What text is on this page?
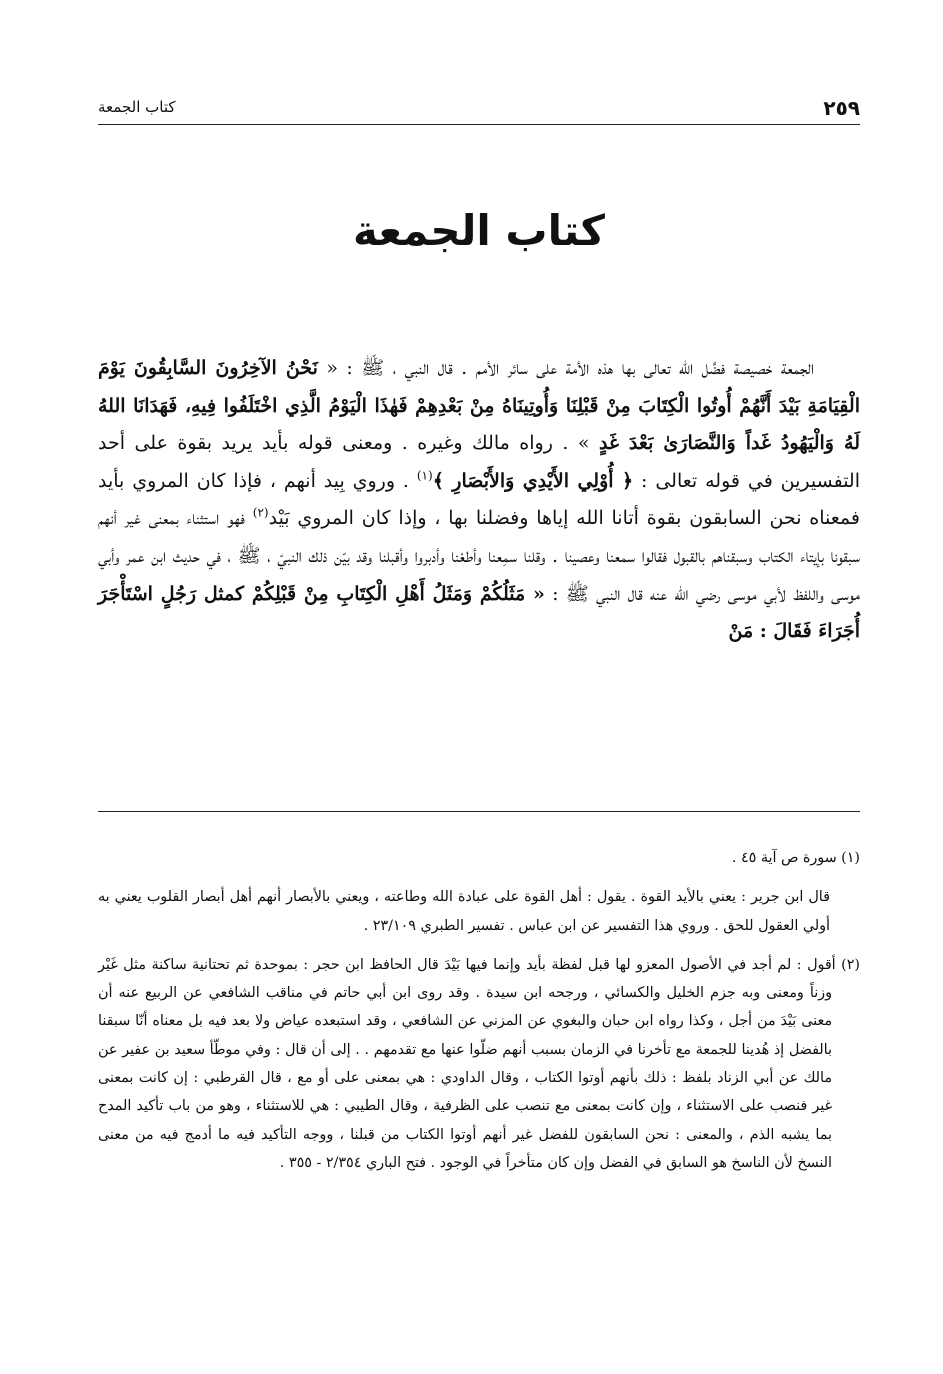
٢٥٩
كتاب الجمعة
كتاب الجمعة

الجمعة خصيصة فضَّل الله تعالى بها هذه الأمة على سائر الأمم . قال النبي ، ﷺ : « نَحْنُ الآخِرُونَ السَّابِقُونَ يَوْمَ الْقِيَامَةِ بَيْدَ أَنَّهُمْ أُوتُوا الْكِتَابَ مِنْ قَبْلِنَا وَأُوتِينَاهُ مِنْ بَعْدِهِمْ فَهٰذَا الْيَوْمُ الَّذِي اخْتَلَفُوا فِيهِ، فَهَدَانَا اللهُ لَهُ وَالْيَهُودُ غَداً وَالنَّصَارَىٰ بَعْدَ غَدٍ » . رواه مالك وغيره . ومعنى قوله بأيد يريد بقوة على أحد التفسيرين في قوله تعالى : ﴿ أُوْلِي الأَيْدِي وَالأَبْصَارِ ﴾$^{(١)}$ . وروي بِيد أنهم ، فإذا كان المروي بأيد فمعناه نحن السابقون بقوة أتانا الله إياها وفضلنا بها ، وإذا كان المروي بَيْد$^{(٢)}$ فهو استثناء بمعنى غير أنهم سبقونا بإيتاء الكتاب وسبقناهم بالقبول فقالوا سمعنا وعصينا . وقلنا سمِعنا وأطعْنا وأدبروا وأقبلنا وقد بيّن ذلك النبيّ ، ﷺ ، في حديث ابن عمر وأبي موسى واللفظ لأبي موسى رضي الله عنه قال النبي ﷺ : « مَثَلُكُمْ وَمَثَلُ أَهْلِ الْكِتَابِ مِنْ قَبْلِكُمْ كمثل رَجُلٍ اسْتَأْجَرَ أُجَرَاءَ فَقَالَ : مَنْ

(١) سورة ص آية ٤٥ .

قال ابن جرير : يعني بالأيد القوة . يقول : أهل القوة على عبادة الله وطاعته ، ويعني بالأبصار أنهم أهل أبصار القلوب يعني به أولي العقول للحق . وروي هذا التفسير عن ابن عباس . تفسير الطبري ٢٣/١٠٩ .

(٢) أقول : لم أجد في الأصول المعزو لها قبل لفظة بأيد وإنما فيها بَيْدَ قال الحافظ ابن حجر : بموحدة ثم تحتانية ساكنة مثل غَيْر وزناً ومعنى وبه جزم الخليل والكسائي ، ورجحه ابن سيدة . وقد روى ابن أبي حاتم في مناقب الشافعي عن الربيع عنه أن معنى بَيْدَ من أجل ، وكذا رواه ابن حبان والبغوي عن المزني عن الشافعي ، وقد استبعده عياض ولا بعد فيه بل معناه أنّا سبقنا بالفضل إذ هُدينا للجمعة مع تأخرنا في الزمان بسبب أنهم ضلّوا عنها مع تقدمهم . . إلى أن قال : وفي موطّأ سعيد بن عفير عن مالك عن أبي الزناد بلفظ : ذلك بأنهم أوتوا الكتاب ، وقال الداودي : هي بمعنى على أو مع ، قال القرطبي : إن كانت بمعنى غير فنصب على الاستثناء ، وإن كانت بمعنى مع تنصب على الظرفية ، وقال الطيبي : هي للاستثناء ، وهو من باب تأكيد المدح بما يشبه الذم ، والمعنى : نحن السابقون للفضل غير أنهم أوتوا الكتاب من قبلنا ، ووجه التأكيد فيه ما أدمج فيه من معنى النسخ لأن الناسخ هو السابق في الفضل وإن كان متأخراً في الوجود . فتح الباري ٢/٣٥٤ - ٣٥٥ .
